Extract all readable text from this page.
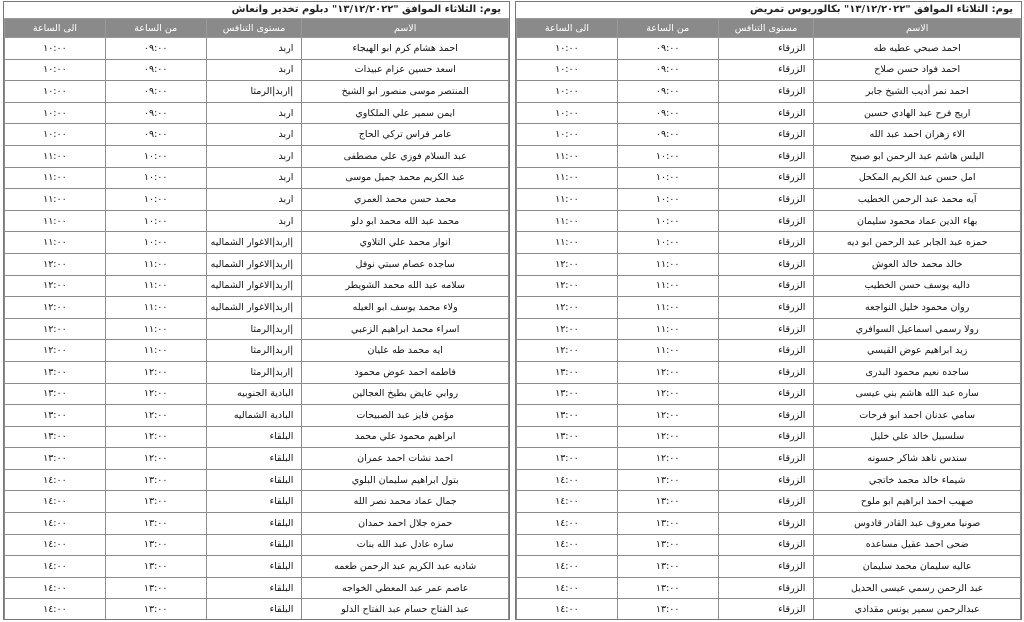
يوم: الثلاثاء الموافق "١٣/١٢/٢٠٢٢" دبلوم تخدير وانعاش
الاسم	مستوى التنافس	من الساعة	الى الساعة
احمد هشام كرم ابو الهيجاء	اربد	٠٩:٠٠	١٠:٠٠
اسعد حسين عزام عبيدات	اربد	٠٩:٠٠	١٠:٠٠
المنتصر موسى منصور ابو الشيخ	|اربد|الرمثا	٠٩:٠٠	١٠:٠٠
ايمن سمير علي الملكاوي	اربد	٠٩:٠٠	١٠:٠٠
عامر فراس تركي الحاج	اربد	٠٩:٠٠	١٠:٠٠
عبد السلام فوزي علي مصطفى	اربد	١٠:٠٠	١١:٠٠
عبد الكريم محمد جميل موسى	اربد	١٠:٠٠	١١:٠٠
محمد حسن محمد العمري	اربد	١٠:٠٠	١١:٠٠
محمد عبد الله محمد ابو دلو	اربد	١٠:٠٠	١١:٠٠
انوار محمد علي التلاوي	|اربد|الاغوار الشماليه	١٠:٠٠	١١:٠٠
ساجده عصام سبتي نوفل	|اربد|الاغوار الشماليه	١١:٠٠	١٢:٠٠
سلامه عبد الله محمد الشويطر	|اربد|الاغوار الشماليه	١١:٠٠	١٢:٠٠
ولاء محمد يوسف ابو العيله	|اربد|الاغوار الشماليه	١١:٠٠	١٢:٠٠
اسراء محمد ابراهيم الزعبي	|اربد|الرمثا	١١:٠٠	١٢:٠٠
ايه محمد طه عليان	|اربد|الرمثا	١١:٠٠	١٢:٠٠
فاطمه احمد عوض محمود	|اربد|الرمثا	١٢:٠٠	١٣:٠٠
روابي عايض بطيخ العجالين	البادية الجنوبيه	١٢:٠٠	١٣:٠٠
مؤمن فايز عبد الصبيحات	البادية الشماليه	١٢:٠٠	١٣:٠٠
ابراهيم محمود علي محمد	البلقاء	١٢:٠٠	١٣:٠٠
احمد نشات احمد عمران	البلقاء	١٢:٠٠	١٣:٠٠
بتول ابراهيم سليمان البلوي	البلقاء	١٣:٠٠	١٤:٠٠
جمال عماد محمد نصر الله	البلقاء	١٣:٠٠	١٤:٠٠
حمزه جلال احمد حمدان	البلقاء	١٣:٠٠	١٤:٠٠
ساره عادل عبد الله بنات	البلقاء	١٣:٠٠	١٤:٠٠
شاديه عبد الكريم عبد الرحمن طعمه	البلقاء	١٣:٠٠	١٤:٠٠
عاصم عمر عبد المعطي الخواجه	البلقاء	١٣:٠٠	١٤:٠٠
عبد الفتاح حسام عبد الفتاح الدلو	البلقاء	١٣:٠٠	١٤:٠٠
يوم: الثلاثاء الموافق "١٣/١٢/٢٠٢٢" بكالوريوس تمريض
الاسم	مستوى التنافس	من الساعة	الى الساعة
احمد صبحي عطيه طه	الزرقاء	٠٩:٠٠	١٠:٠٠
احمد فواد حسن صلاح	الزرقاء	٠٩:٠٠	١٠:٠٠
احمد نمر أديب الشيخ جابر	الزرقاء	٠٩:٠٠	١٠:٠٠
اريج فرح عبد الهادي حسين	الزرقاء	٠٩:٠٠	١٠:٠٠
الاء زهران احمد عبد الله	الزرقاء	٠٩:٠٠	١٠:٠٠
اليلس هاشم عبد الرحمن ابو صبيح	الزرقاء	١٠:٠٠	١١:٠٠
امل حسن عبد الكريم المكحل	الزرقاء	١٠:٠٠	١١:٠٠
آيه محمد عبد الرحمن الخطيب	الزرقاء	١٠:٠٠	١١:٠٠
بهاء الدين عماد محمود سليمان	الزرقاء	١٠:٠٠	١١:٠٠
حمزه عبد الجابر عبد الرحمن ابو ديه	الزرقاء	١٠:٠٠	١١:٠٠
خالد محمد خالد العوش	الزرقاء	١١:٠٠	١٢:٠٠
داليه يوسف حسن الخطيب	الزرقاء	١١:٠٠	١٢:٠٠
روان محمود خليل النواجعه	الزرقاء	١١:٠٠	١٢:٠٠
رولا رسمي اسماعيل السوافري	الزرقاء	١١:٠٠	١٢:٠٠
زيد ابراهيم عوض القيسي	الزرقاء	١١:٠٠	١٢:٠٠
ساجده نعيم محمود البدرى	الزرقاء	١٢:٠٠	١٣:٠٠
ساره عبد الله هاشم بني عيسى	الزرقاء	١٢:٠٠	١٣:٠٠
سامي عدنان احمد ابو فرحات	الزرقاء	١٢:٠٠	١٣:٠٠
سلسبيل خالد علي خليل	الزرقاء	١٢:٠٠	١٣:٠٠
سندس ناهد شاكر حسونه	الزرقاء	١٢:٠٠	١٣:٠٠
شيماء خالد محمد خاتجي	الزرقاء	١٣:٠٠	١٤:٠٠
صهيب احمد ابراهيم ابو ملوح	الزرقاء	١٣:٠٠	١٤:٠٠
صونيا معروف عبد القادر قادوس	الزرقاء	١٣:٠٠	١٤:٠٠
ضحى احمد عقيل مساعده	الزرقاء	١٣:٠٠	١٤:٠٠
عاليه سليمان محمد سليمان	الزرقاء	١٣:٠٠	١٤:٠٠
عبد الرحمن رسمي عيسى الحديل	الزرقاء	١٣:٠٠	١٤:٠٠
عبدالرحمن سمير يونس مقدادي	الزرقاء	١٣:٠٠	١٤:٠٠
